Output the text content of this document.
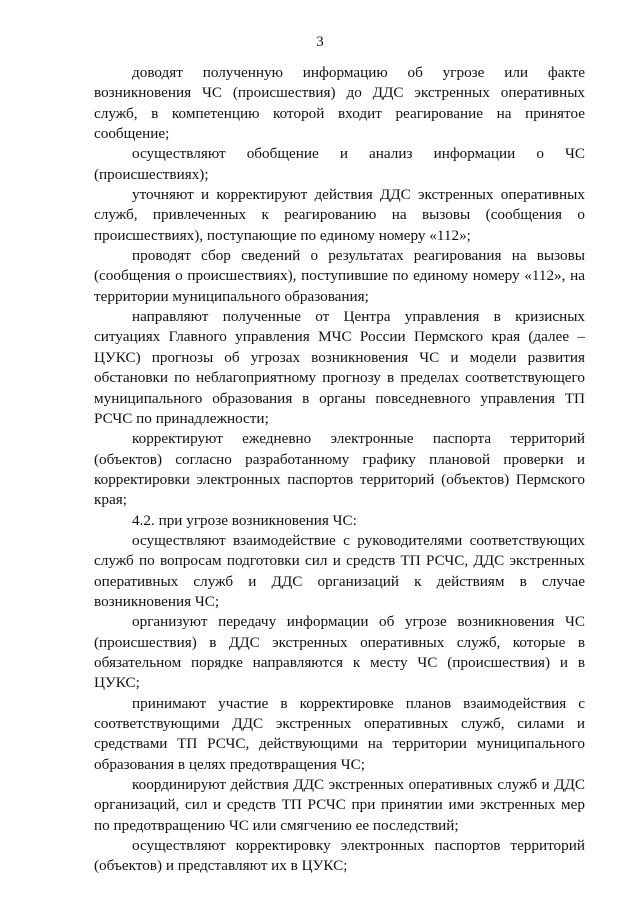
3

доводят полученную информацию об угрозе или факте возникновения ЧС (происшествия) до ДДС экстренных оперативных служб, в компетенцию которой входит реагирование на принятое сообщение;

осуществляют обобщение и анализ информации о ЧС (происшествиях);

уточняют и корректируют действия ДДС экстренных оперативных служб, привлеченных к реагированию на вызовы (сообщения о происшествиях), поступающие по единому номеру «112»;

проводят сбор сведений о результатах реагирования на вызовы (сообщения о происшествиях), поступившие по единому номеру «112», на территории муниципального образования;

направляют полученные от Центра управления в кризисных ситуациях Главного управления МЧС России Пермского края (далее – ЦУКС) прогнозы об угрозах возникновения ЧС и модели развития обстановки по неблагоприятному прогнозу в пределах соответствующего муниципального образования в органы повседневного управления ТП РСЧС по принадлежности;

корректируют ежедневно электронные паспорта территорий (объектов) согласно разработанному графику плановой проверки и корректировки электронных паспортов территорий (объектов) Пермского края;

4.2. при угрозе возникновения ЧС:

осуществляют взаимодействие с руководителями соответствующих служб по вопросам подготовки сил и средств ТП РСЧС, ДДС экстренных оперативных служб и ДДС организаций к действиям в случае возникновения ЧС;

организуют передачу информации об угрозе возникновения ЧС (происшествия) в ДДС экстренных оперативных служб, которые в обязательном порядке направляются к месту ЧС (происшествия) и в ЦУКС;

принимают участие в корректировке планов взаимодействия с соответствующими ДДС экстренных оперативных служб, силами и средствами ТП РСЧС, действующими на территории муниципального образования в целях предотвращения ЧС;

координируют действия ДДС экстренных оперативных служб и ДДС организаций, сил и средств ТП РСЧС при принятии ими экстренных мер по предотвращению ЧС или смягчению ее последствий;

осуществляют корректировку электронных паспортов территорий (объектов) и представляют их в ЦУКС;
